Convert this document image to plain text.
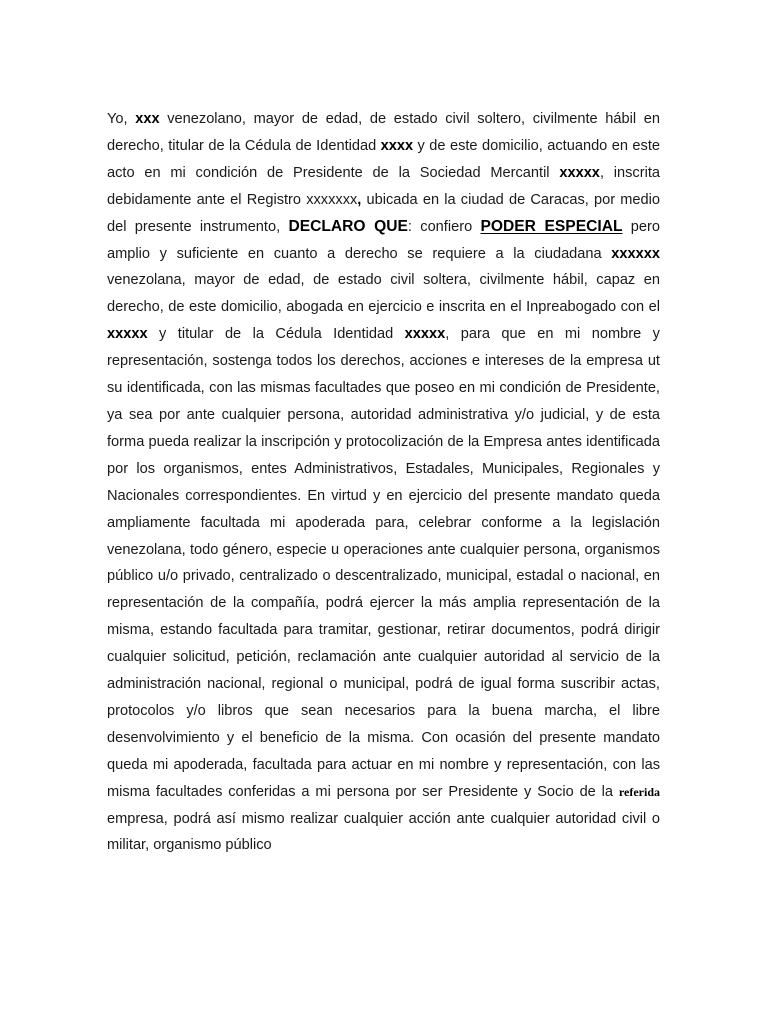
Yo, xxx venezolano, mayor de edad, de estado civil soltero, civilmente hábil en derecho, titular de la Cédula de Identidad xxxx y de este domicilio, actuando en este acto en mi condición de Presidente de la Sociedad Mercantil xxxxx, inscrita debidamente ante el Registro xxxxxxx, ubicada en la ciudad de Caracas, por medio del presente instrumento, DECLARO QUE: confiero PODER ESPECIAL pero amplio y suficiente en cuanto a derecho se requiere a la ciudadana xxxxxx venezolana, mayor de edad, de estado civil soltera, civilmente hábil, capaz en derecho, de este domicilio, abogada en ejercicio e inscrita en el Inpreabogado con el xxxxx y titular de la Cédula Identidad xxxxx, para que en mi nombre y representación, sostenga todos los derechos, acciones e intereses de la empresa ut su identificada, con las mismas facultades que poseo en mi condición de Presidente, ya sea por ante cualquier persona, autoridad administrativa y/o judicial, y de esta forma pueda realizar la inscripción y protocolización de la Empresa antes identificada por los organismos, entes Administrativos, Estadales, Municipales, Regionales y Nacionales correspondientes. En virtud y en ejercicio del presente mandato queda ampliamente facultada mi apoderada para, celebrar conforme a la legislación venezolana, todo género, especie u operaciones ante cualquier persona, organismos público u/o privado, centralizado o descentralizado, municipal, estadal o nacional, en representación de la compañía, podrá ejercer la más amplia representación de la misma, estando facultada para tramitar, gestionar, retirar documentos, podrá dirigir cualquier solicitud, petición, reclamación ante cualquier autoridad al servicio de la administración nacional, regional o municipal, podrá de igual forma suscribir actas, protocolos y/o libros que sean necesarios para la buena marcha, el libre desenvolvimiento y el beneficio de la misma. Con ocasión del presente mandato queda mi apoderada, facultada para actuar en mi nombre y representación, con las misma facultades conferidas a mi persona por ser Presidente y Socio de la referida empresa, podrá así mismo realizar cualquier acción ante cualquier autoridad civil o militar, organismo público
